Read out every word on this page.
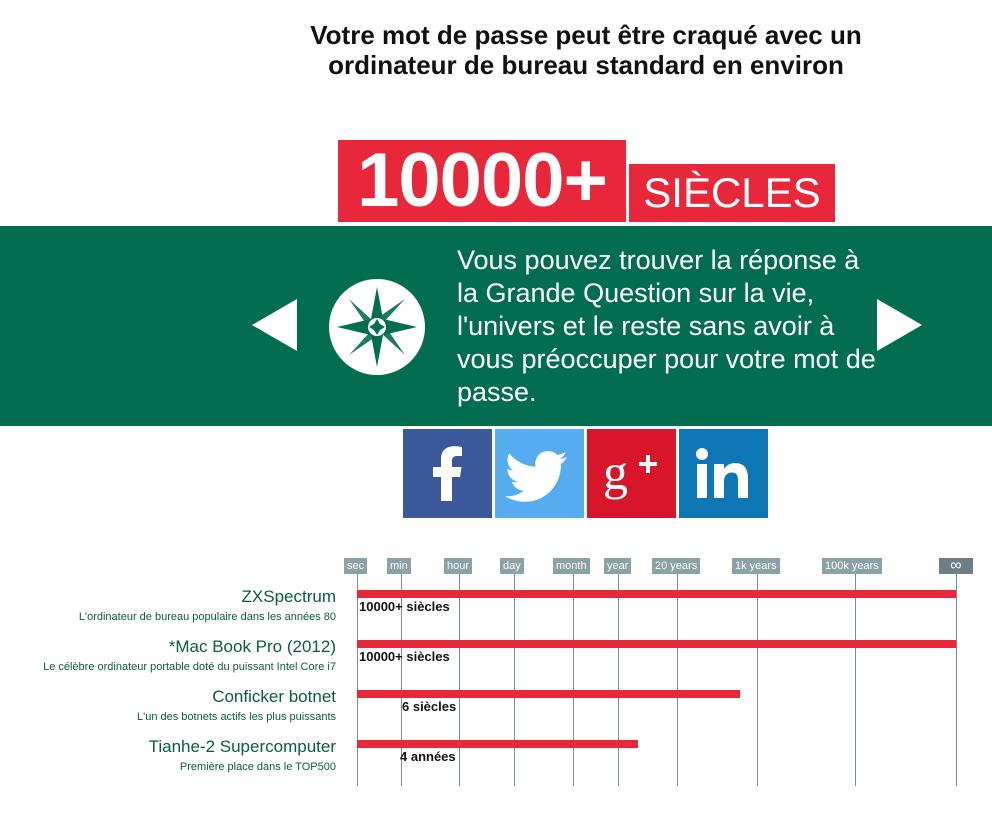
Votre mot de passe peut être craqué avec un ordinateur de bureau standard en environ
10000+ SIÈCLES
Vous pouvez trouver la réponse à la Grande Question sur la vie, l'univers et le reste sans avoir à vous préoccuper pour votre mot de passe.
g
sec min	hour	day	month year 20 years	1k years	100k years	∞
ZXSpectrum
L'ordinateur de bureau populaire dans les années 80
10000+ siècles
*Mac Book Pro (2012)
Le célèbre ordinateur portable doté du puissant Intel Core i7
10000+ siècles
Conficker botnet
L'un des botnets actifs les plus puissants
6 siècles
Tianhe-2 Supercomputer
Première place dans le TOP500
4 années
